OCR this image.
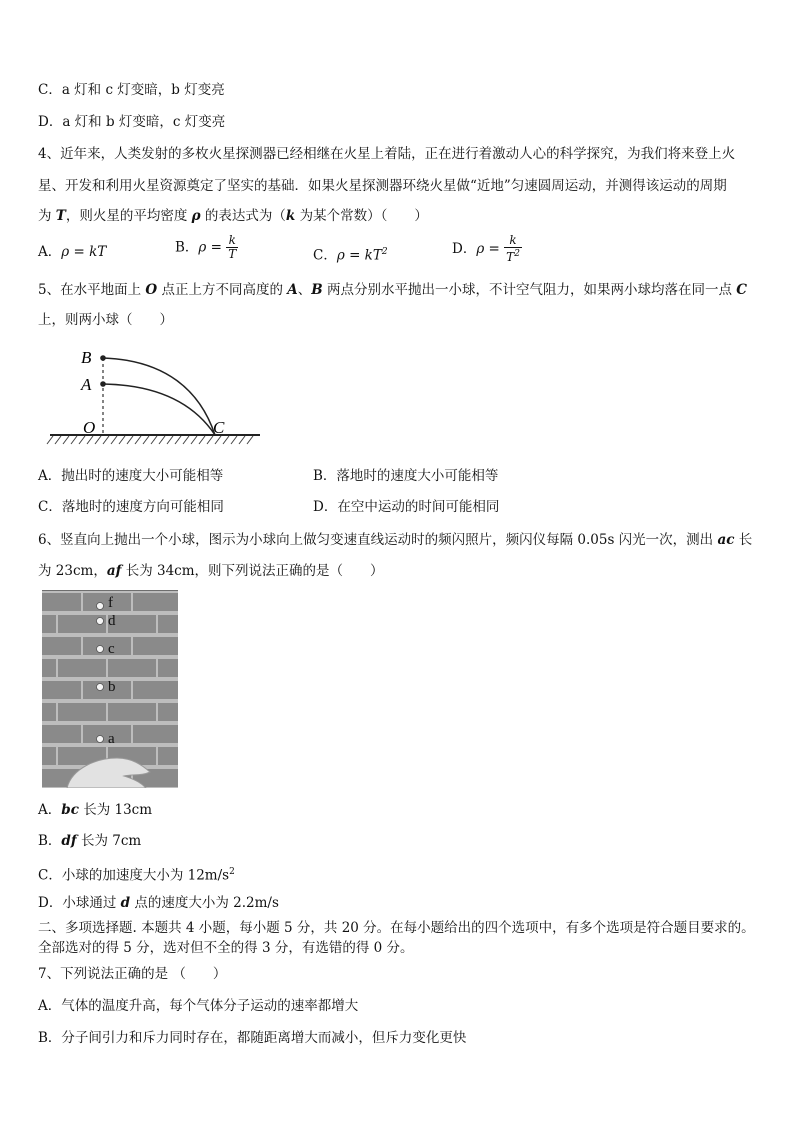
C．a 灯和 c 灯变暗，b 灯变亮
D．a 灯和 b 灯变暗，c 灯变亮
4、近年来，人类发射的多枚火星探测器已经相继在火星上着陆，正在进行着激动人心的科学探究，为我们将来登上火
星、开发和利用火星资源奠定了坚实的基础．如果火星探测器环绕火星做“近地”匀速圆周运动，并测得该运动的周期
为 T，则火星的平均密度 ρ 的表达式为（k 为某个常数）（　　）
A．ρ = kT	B．$\rho = \frac{k}{T}$	C．$\rho = kT^2$	D．$\rho = \frac{k}{T^2}$
5、在水平地面上 O 点正上方不同高度的 A、B 两点分别水平抛出一小球，不计空气阻力，如果两小球均落在同一点 C
上，则两小球（　　）
B
A
O	C
A．抛出时的速度大小可能相等	B．落地时的速度大小可能相等
C．落地时的速度方向可能相同	D．在空中运动的时间可能相同
6、竖直向上抛出一个小球，图示为小球向上做匀变速直线运动时的频闪照片，频闪仪每隔 0.05s 闪光一次，测出 ac 长
为 23cm，af 长为 34cm，则下列说法正确的是（　　）
f
d
c
b
a
A．bc 长为 13cm
B．df 长为 7cm
C．小球的加速度大小为 $12m/s^2$
D．小球通过 d 点的速度大小为 2.2m/s
二、多项选择题. 本题共 4 小题，每小题 5 分，共 20 分。在每小题给出的四个选项中，有多个选项是符合题目要求的。
全部选对的得 5 分，选对但不全的得 3 分，有选错的得 0 分。
7、下列说法正确的是 （　　）
A．气体的温度升高，每个气体分子运动的速率都增大
B．分子间引力和斥力同时存在，都随距离增大而减小，但斥力变化更快
